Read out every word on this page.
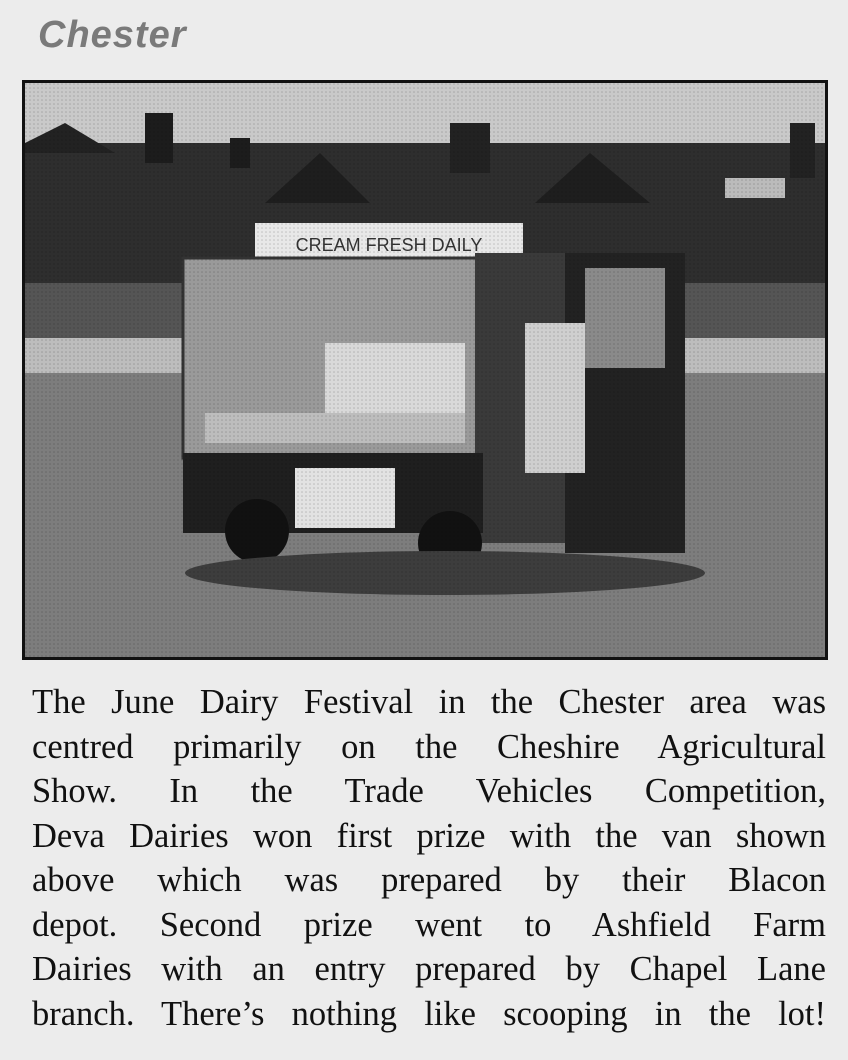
Chester
The June Dairy Festival in the Chester area was
centred primarily on the Cheshire Agricultural
Show. In the Trade Vehicles Competition,
Deva Dairies won first prize with the van shown
above which was prepared by their Blacon
depot. Second prize went to Ashfield Farm
Dairies with an entry prepared by Chapel Lane
branch. There’s nothing like scooping in the lot!
